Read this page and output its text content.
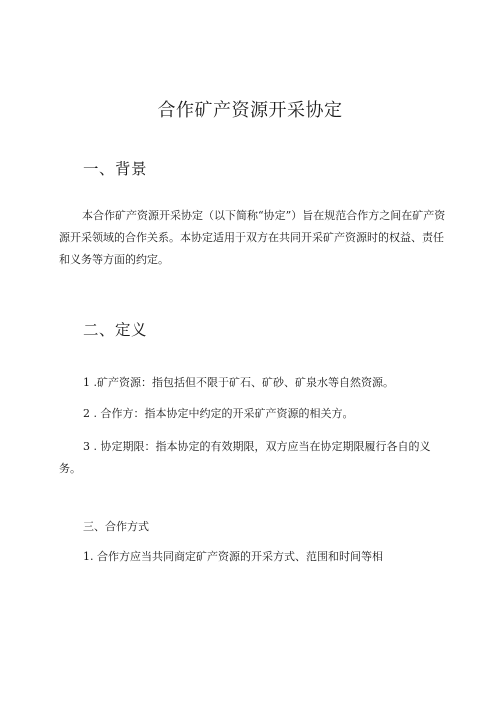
合作矿产资源开采协定
一、背景

本合作矿产资源开采协定（以下简称“协定”）旨在规范合作方之间在矿产资源开采领域的合作关系。本协定适用于双方在共同开采矿产资源时的权益、责任和义务等方面的约定。

二、定义

1 .矿产资源：指包括但不限于矿石、矿砂、矿泉水等自然资源。

2 . 合作方：指本协定中约定的开采矿产资源的相关方。

3 . 协定期限：指本协定的有效期限，双方应当在协定期限履行各自的义务。

三、合作方式

1. 合作方应当共同商定矿产资源的开采方式、范围和时间等相
